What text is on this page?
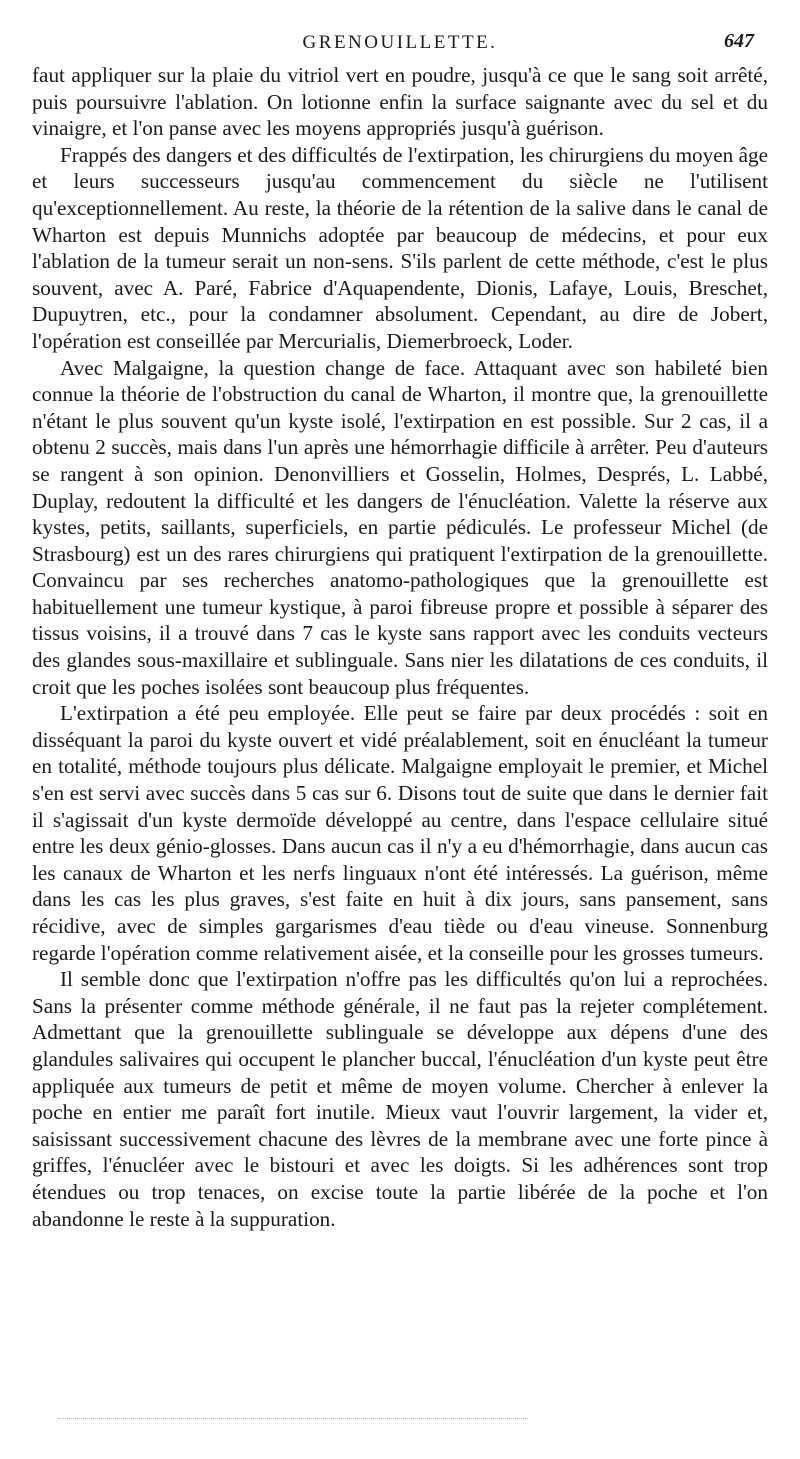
GRENOUILLETTE.	647

faut appliquer sur la plaie du vitriol vert en poudre, jusqu'à ce que le sang soit arrêté, puis poursuivre l'ablation. On lotionne enfin la surface saignante avec du sel et du vinaigre, et l'on panse avec les moyens appropriés jusqu'à guérison.

Frappés des dangers et des difficultés de l'extirpation, les chirurgiens du moyen âge et leurs successeurs jusqu'au commencement du siècle ne l'utilisent qu'exceptionnellement. Au reste, la théorie de la rétention de la salive dans le canal de Wharton est depuis Munnichs adoptée par beaucoup de médecins, et pour eux l'ablation de la tumeur serait un non-sens. S'ils parlent de cette méthode, c'est le plus souvent, avec A. Paré, Fabrice d'Aquapendente, Dionis, Lafaye, Louis, Breschet, Dupuytren, etc., pour la condamner absolument. Cependant, au dire de Jobert, l'opération est conseillée par Mercurialis, Diemerbroeck, Loder.

Avec Malgaigne, la question change de face. Attaquant avec son habileté bien connue la théorie de l'obstruction du canal de Wharton, il montre que, la grenouillette n'étant le plus souvent qu'un kyste isolé, l'extirpation en est possible. Sur 2 cas, il a obtenu 2 succès, mais dans l'un après une hémorrhagie difficile à arrêter. Peu d'auteurs se rangent à son opinion. Denonvilliers et Gosselin, Holmes, Després, L. Labbé, Duplay, redoutent la difficulté et les dangers de l'énucléation. Valette la réserve aux kystes, petits, saillants, superficiels, en partie pédiculés. Le professeur Michel (de Strasbourg) est un des rares chirurgiens qui pratiquent l'extirpation de la grenouillette. Convaincu par ses recherches anatomo-pathologiques que la grenouillette est habituellement une tumeur kystique, à paroi fibreuse propre et possible à séparer des tissus voisins, il a trouvé dans 7 cas le kyste sans rapport avec les conduits vecteurs des glandes sous-maxillaire et sublinguale. Sans nier les dilatations de ces conduits, il croit que les poches isolées sont beaucoup plus fréquentes.

L'extirpation a été peu employée. Elle peut se faire par deux procédés : soit en disséquant la paroi du kyste ouvert et vidé préalablement, soit en énucléant la tumeur en totalité, méthode toujours plus délicate. Malgaigne employait le premier, et Michel s'en est servi avec succès dans 5 cas sur 6. Disons tout de suite que dans le dernier fait il s'agissait d'un kyste dermoïde développé au centre, dans l'espace cellulaire situé entre les deux génio-glosses. Dans aucun cas il n'y a eu d'hémorrhagie, dans aucun cas les canaux de Wharton et les nerfs linguaux n'ont été intéressés. La guérison, même dans les cas les plus graves, s'est faite en huit à dix jours, sans pansement, sans récidive, avec de simples gargarismes d'eau tiède ou d'eau vineuse. Sonnenburg regarde l'opération comme relativement aisée, et la conseille pour les grosses tumeurs.

Il semble donc que l'extirpation n'offre pas les difficultés qu'on lui a reprochées. Sans la présenter comme méthode générale, il ne faut pas la rejeter complétement. Admettant que la grenouillette sublinguale se développe aux dépens d'une des glandules salivaires qui occupent le plancher buccal, l'énucléation d'un kyste peut être appliquée aux tumeurs de petit et même de moyen volume. Chercher à enlever la poche en entier me paraît fort inutile. Mieux vaut l'ouvrir largement, la vider et, saisissant successivement chacune des lèvres de la membrane avec une forte pince à griffes, l'énucléer avec le bistouri et avec les doigts. Si les adhérences sont trop étendues ou trop tenaces, on excise toute la partie libérée de la poche et l'on abandonne le reste à la suppuration.
